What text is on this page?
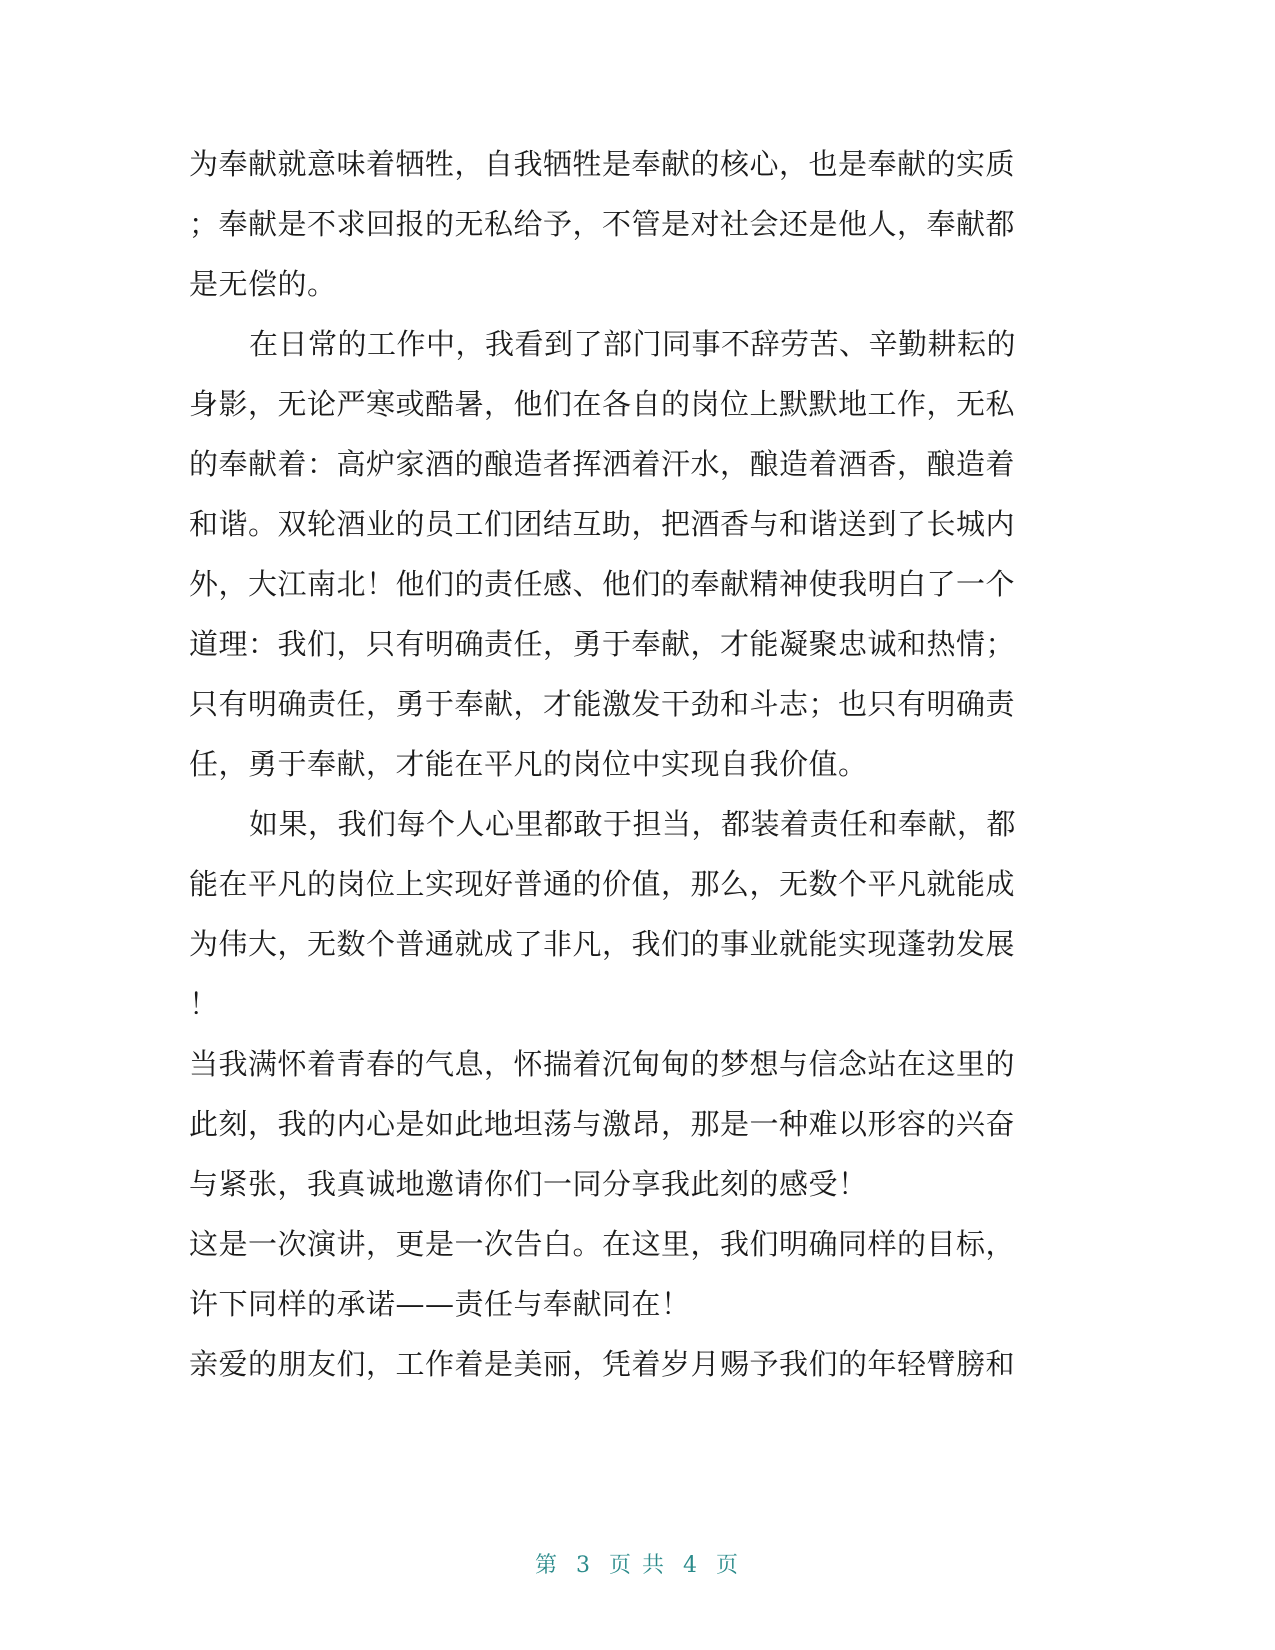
为奉献就意味着牺牲，自我牺牲是奉献的核心，也是奉献的实质
；奉献是不求回报的无私给予，不管是对社会还是他人，奉献都
是无偿的。
在日常的工作中，我看到了部门同事不辞劳苦、辛勤耕耘的
身影，无论严寒或酷暑，他们在各自的岗位上默默地工作，无私
的奉献着：高炉家酒的酿造者挥洒着汗水，酿造着酒香，酿造着
和谐。双轮酒业的员工们团结互助，把酒香与和谐送到了长城内
外，大江南北！他们的责任感、他们的奉献精神使我明白了一个
道理：我们，只有明确责任，勇于奉献，才能凝聚忠诚和热情；
只有明确责任，勇于奉献，才能激发干劲和斗志；也只有明确责
任，勇于奉献，才能在平凡的岗位中实现自我价值。
如果，我们每个人心里都敢于担当，都装着责任和奉献，都
能在平凡的岗位上实现好普通的价值，那么，无数个平凡就能成
为伟大，无数个普通就成了非凡，我们的事业就能实现蓬勃发展
！
当我满怀着青春的气息，怀揣着沉甸甸的梦想与信念站在这里的
此刻，我的内心是如此地坦荡与激昂，那是一种难以形容的兴奋
与紧张，我真诚地邀请你们一同分享我此刻的感受！
这是一次演讲，更是一次告白。在这里，我们明确同样的目标，
许下同样的承诺——责任与奉献同在！
亲爱的朋友们，工作着是美丽，凭着岁月赐予我们的年轻臂膀和
第 3 页 共 4 页
